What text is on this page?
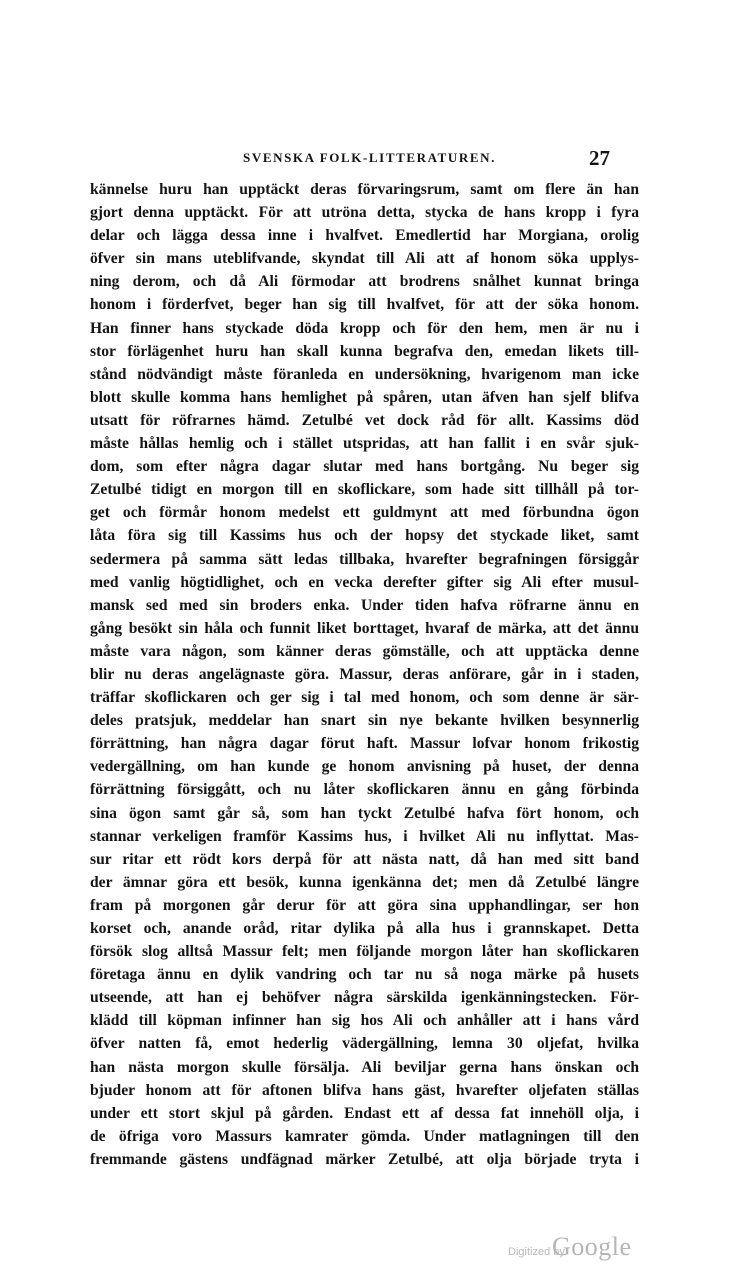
SVENSKA FOLK-LITTERATUREN.	27
kännelse huru han upptäckt deras förvaringsrum, samt om flere än han
gjort denna upptäckt. För att utröna detta, stycka de hans kropp i fyra
delar och lägga dessa inne i hvalfvet. Emedlertid har Morgiana, orolig
öfver sin mans uteblifvande, skyndat till Ali att af honom söka upplys-
ning derom, och då Ali förmodar att brodrens snålhet kunnat bringa
honom i förderfvet, beger han sig till hvalfvet, för att der söka honom.
Han finner hans styckade döda kropp och för den hem, men är nu i
stor förlägenhet huru han skall kunna begrafva den, emedan likets till-
stånd nödvändigt måste föranleda en undersökning, hvarigenom man icke
blott skulle komma hans hemlighet på spåren, utan äfven han sjelf blifva
utsatt för röfrarnes hämd. Zetulbé vet dock råd för allt. Kassims död
måste hållas hemlig och i stället utspridas, att han fallit i en svår sjuk-
dom, som efter några dagar slutar med hans bortgång. Nu beger sig
Zetulbé tidigt en morgon till en skoflickare, som hade sitt tillhåll på tor-
get och förmår honom medelst ett guldmynt att med förbundna ögon
låta föra sig till Kassims hus och der hopsy det styckade liket, samt
sedermera på samma sätt ledas tillbaka, hvarefter begrafningen försiggår
med vanlig högtidlighet, och en vecka derefter gifter sig Ali efter musul-
mansk sed med sin broders enka. Under tiden hafva röfrarne ännu en
gång besökt sin håla och funnit liket borttaget, hvaraf de märka, att det ännu
måste vara någon, som känner deras gömställe, och att upptäcka denne
blir nu deras angelägnaste göra. Massur, deras anförare, går in i staden,
träffar skoflickaren och ger sig i tal med honom, och som denne är sär-
deles pratsjuk, meddelar han snart sin nye bekante hvilken besynnerlig
förrättning, han några dagar förut haft. Massur lofvar honom frikostig
vedergällning, om han kunde ge honom anvisning på huset, der denna
förrättning försiggått, och nu låter skoflickaren ännu en gång förbinda
sina ögon samt går så, som han tyckt Zetulbé hafva fört honom, och
stannar verkeligen framför Kassims hus, i hvilket Ali nu inflyttat. Mas-
sur ritar ett rödt kors derpå för att nästa natt, då han med sitt band
der ämnar göra ett besök, kunna igenkänna det; men då Zetulbé längre
fram på morgonen går derur för att göra sina upphandlingar, ser hon
korset och, anande oråd, ritar dylika på alla hus i grannskapet. Detta
försök slog alltså Massur felt; men följande morgon låter han skoflickaren
företaga ännu en dylik vandring och tar nu så noga märke på husets
utseende, att han ej behöfver några särskilda igenkänningstecken. För-
klädd till köpman infinner han sig hos Ali och anhåller att i hans vård
öfver natten få, emot hederlig vädergällning, lemna 30 oljefat, hvilka
han nästa morgon skulle försälja. Ali beviljar gerna hans önskan och
bjuder honom att för aftonen blifva hans gäst, hvarefter oljefaten ställas
under ett stort skjul på gården. Endast ett af dessa fat innehöll olja, i
de öfriga voro Massurs kamrater gömda. Under matlagningen till den
fremmande gästens undfägnad märker Zetulbé, att olja började tryta i
Digitized by
Google
